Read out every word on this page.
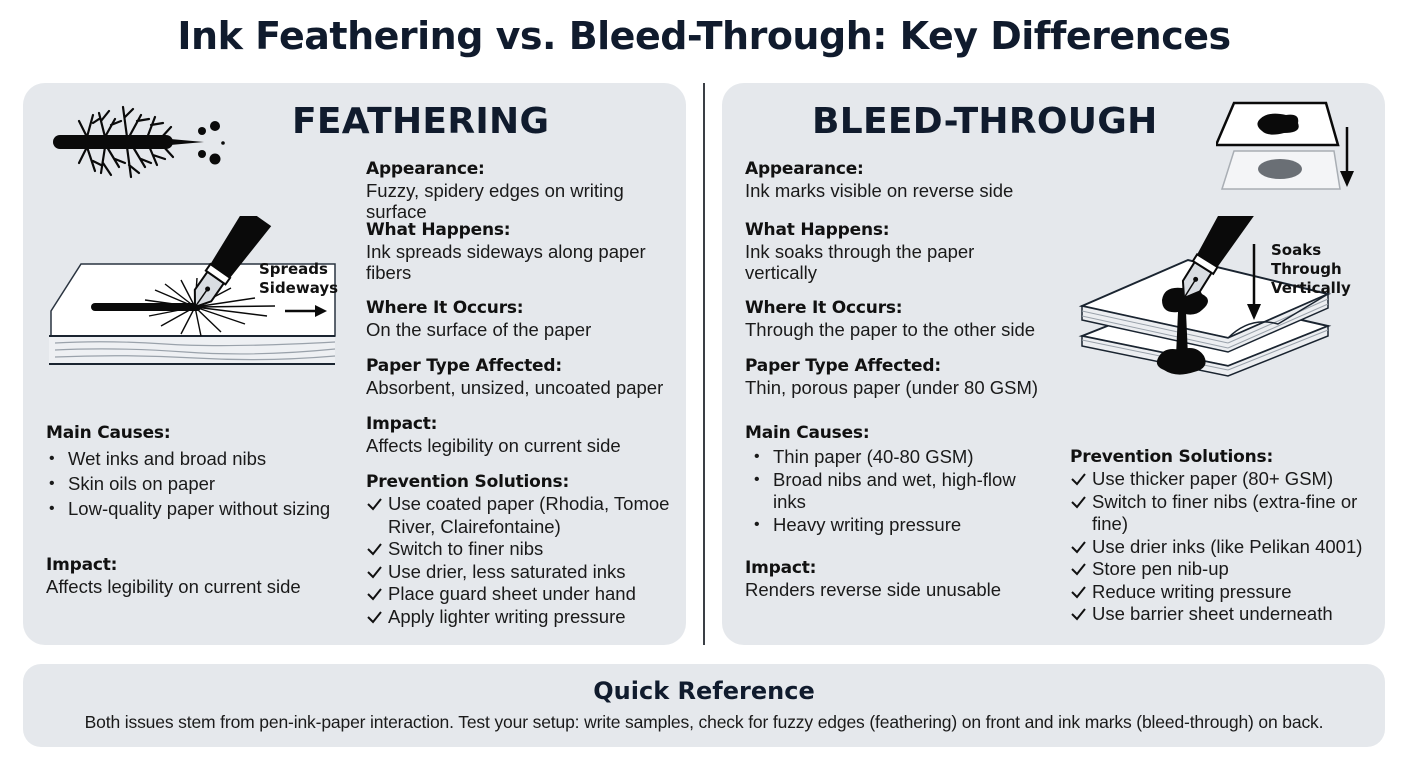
Ink Feathering vs. Bleed-Through: Key Differences
FEATHERING
Spreads
Sideways
Appearance:
Fuzzy, spidery edges on writing surface
What Happens:
Ink spreads sideways along paper
fibers
Where It Occurs:
On the surface of the paper
Paper Type Affected:
Absorbent, unsized, uncoated paper
Impact:
Affects legibility on current side
Prevention Solutions:
Use coated paper (Rhodia, Tomoe
River, Clairefontaine)
Switch to finer nibs
Use drier, less saturated inks
Place guard sheet under hand
Apply lighter writing pressure
Main Causes:
• Wet inks and broad nibs
• Skin oils on paper
• Low-quality paper without sizing
Impact:
Affects legibility on current side
BLEED-THROUGH
Appearance:
Ink marks visible on reverse side
What Happens:
Ink soaks through the paper
vertically
Where It Occurs:
Through the paper to the other side
Paper Type Affected:
Thin, porous paper (under 80 GSM)
Soaks
Through
Vertically
Main Causes:
• Thin paper (40-80 GSM)
• Broad nibs and wet, high-flow
inks
• Heavy writing pressure
Impact:
Renders reverse side unusable
Prevention Solutions:
Use thicker paper (80+ GSM)
Switch to finer nibs (extra-fine or
fine)
Use drier inks (like Pelikan 4001)
Store pen nib-up
Reduce writing pressure
Use barrier sheet underneath
Quick Reference
Both issues stem from pen-ink-paper interaction. Test your setup: write samples, check for fuzzy edges (feathering) on front and ink marks (bleed-through) on back.
